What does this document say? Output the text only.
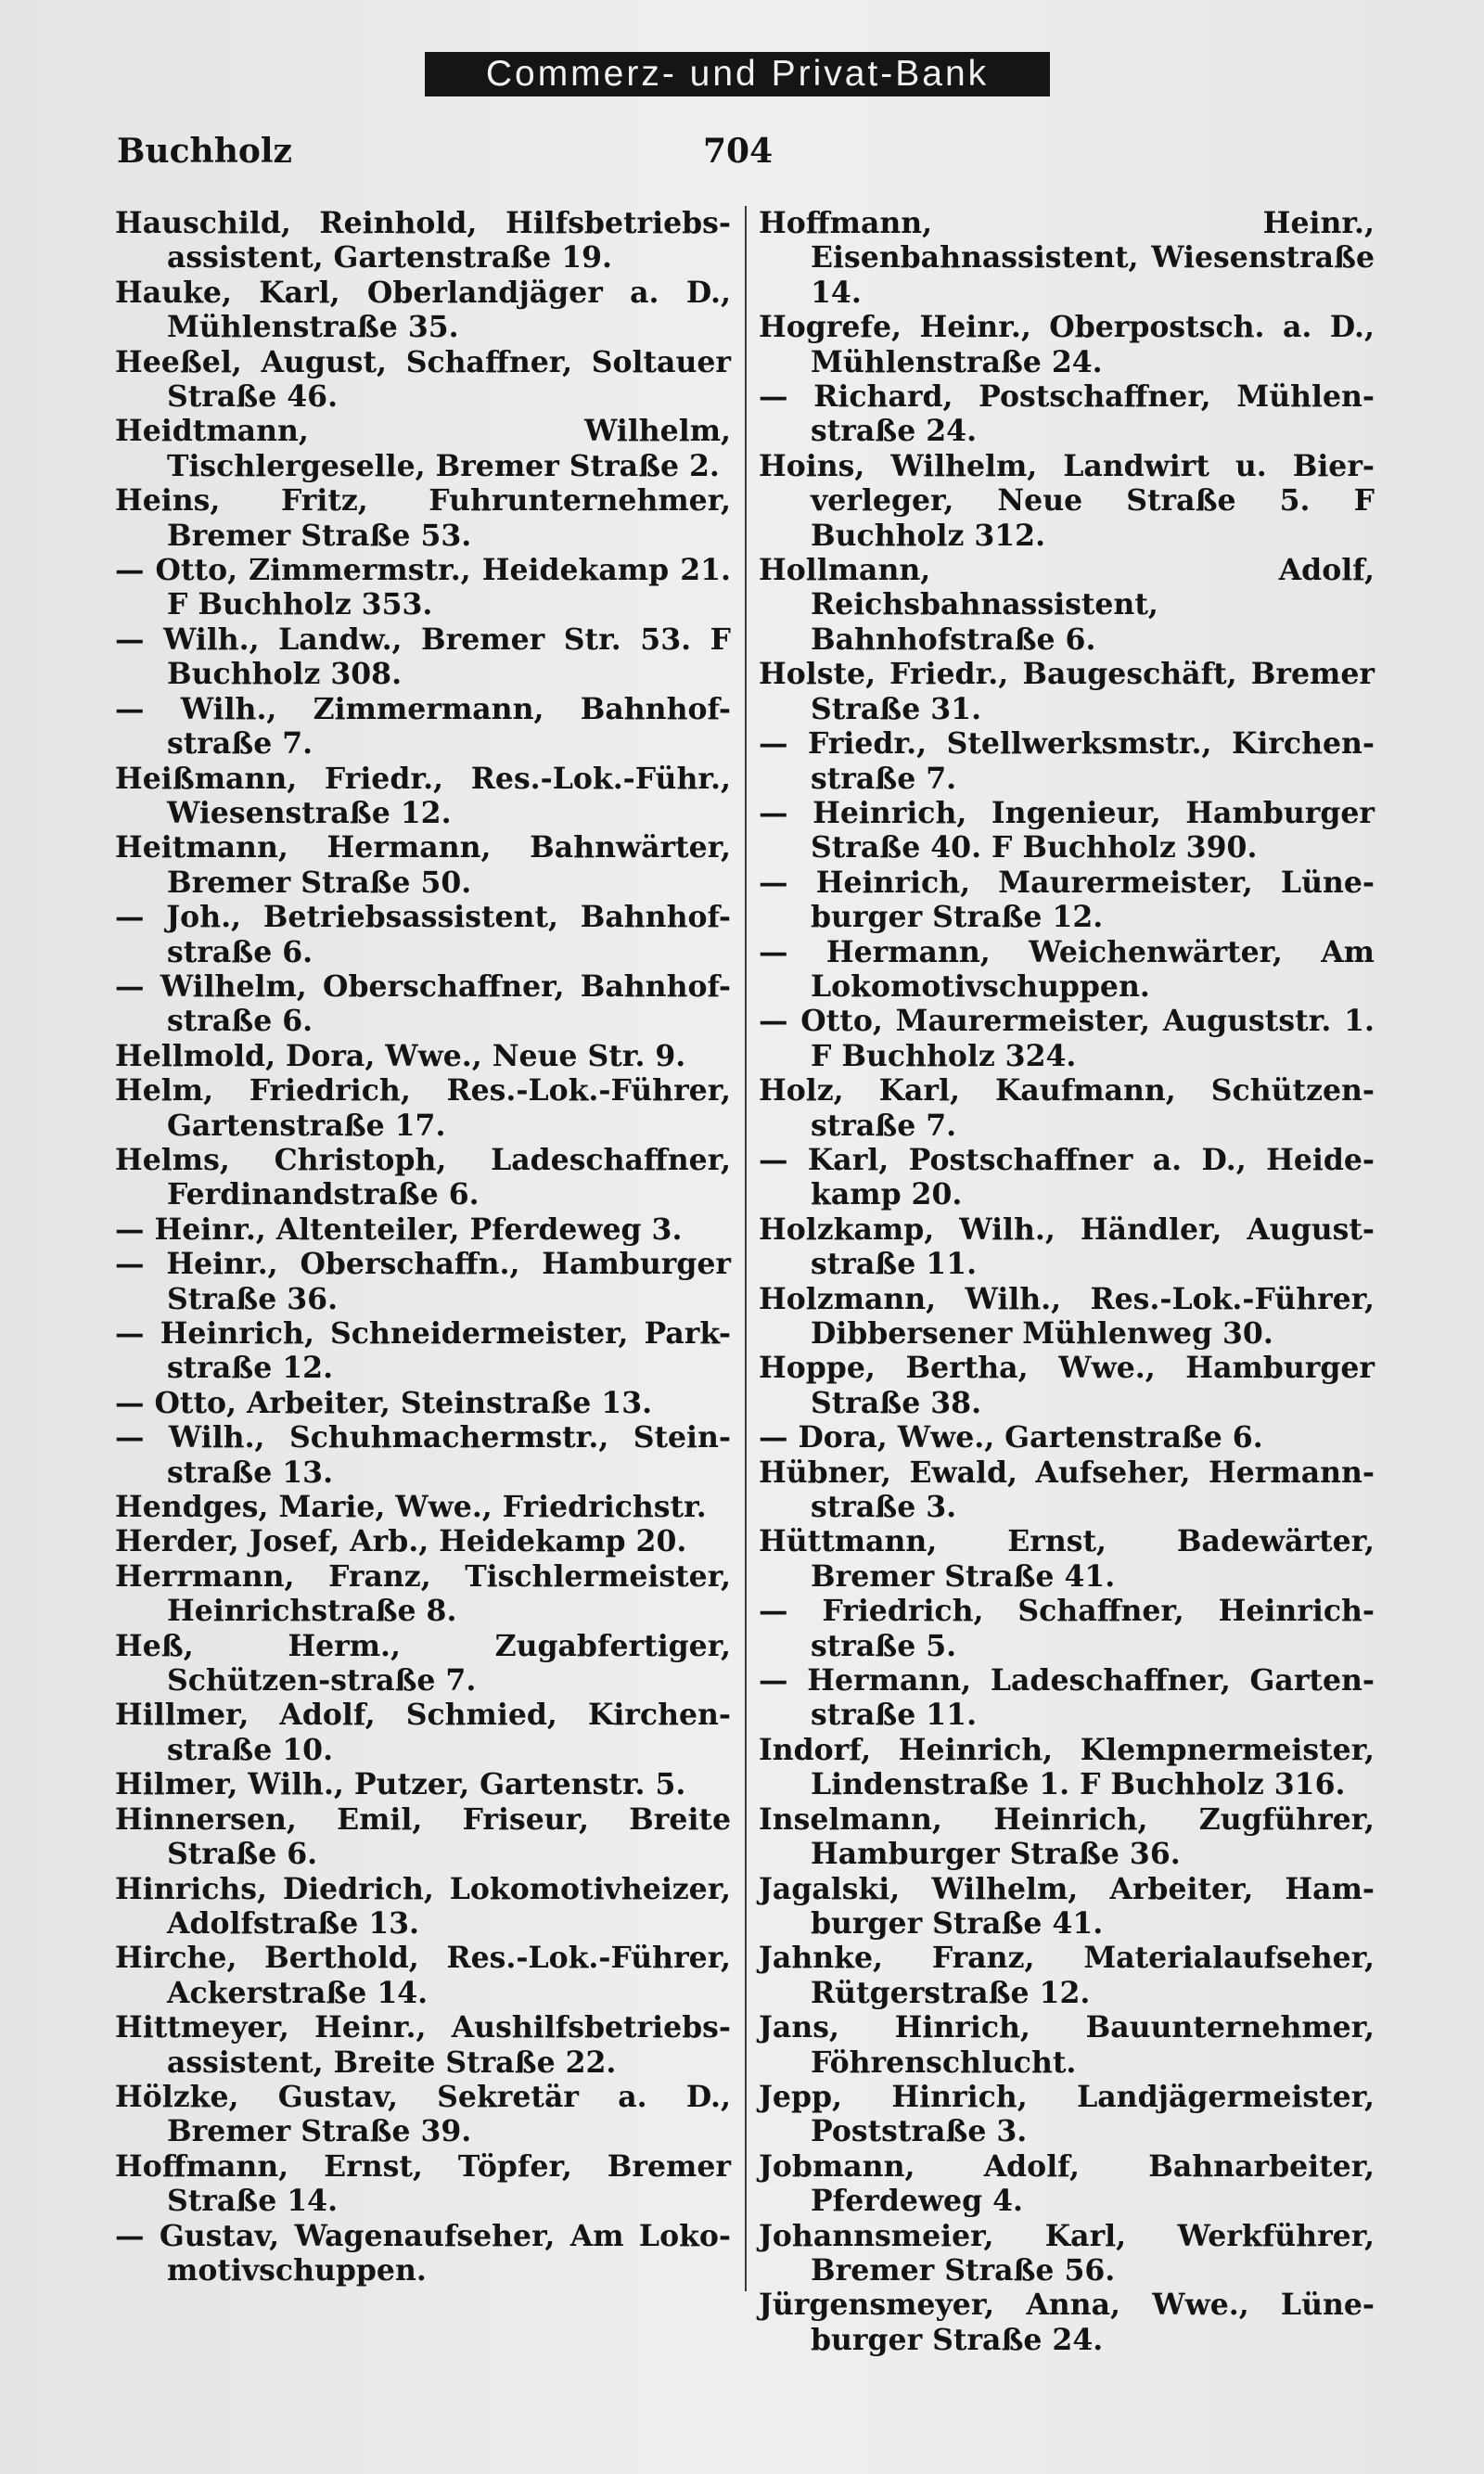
Commerz- und Privat-Bank
Buchholz	704
Hauschild, Reinhold, Hilfsbetriebs-assistent, Gartenstraße 19.
Hauke, Karl, Oberlandjäger a. D., Mühlenstraße 35.
Heeßel, August, Schaffner, Soltauer Straße 46.
Heidtmann, Wilhelm, Tischlergeselle, Bremer Straße 2.
Heins, Fritz, Fuhrunternehmer, Bremer Straße 53.
— Otto, Zimmermstr., Heidekamp 21. F Buchholz 353.
— Wilh., Landw., Bremer Str. 53. F Buchholz 308.
— Wilh., Zimmermann, Bahnhof-straße 7.
Heißmann, Friedr., Res.-Lok.-Führ., Wiesenstraße 12.
Heitmann, Hermann, Bahnwärter, Bremer Straße 50.
— Joh., Betriebsassistent, Bahnhof-straße 6.
— Wilhelm, Oberschaffner, Bahnhof-straße 6.
Hellmold, Dora, Wwe., Neue Str. 9.
Helm, Friedrich, Res.-Lok.-Führer, Gartenstraße 17.
Helms, Christoph, Ladeschaffner, Ferdinandstraße 6.
— Heinr., Altenteiler, Pferdeweg 3.
— Heinr., Oberschaffn., Hamburger Straße 36.
— Heinrich, Schneidermeister, Park-straße 12.
— Otto, Arbeiter, Steinstraße 13.
— Wilh., Schuhmachermstr., Stein-straße 13.
Hendges, Marie, Wwe., Friedrichstr.
Herder, Josef, Arb., Heidekamp 20.
Herrmann, Franz, Tischlermeister, Heinrichstraße 8.
Heß, Herm., Zugabfertiger, Schützen-straße 7.
Hillmer, Adolf, Schmied, Kirchen-straße 10.
Hilmer, Wilh., Putzer, Gartenstr. 5.
Hinnersen, Emil, Friseur, Breite Straße 6.
Hinrichs, Diedrich, Lokomotivheizer, Adolfstraße 13.
Hirche, Berthold, Res.-Lok.-Führer, Ackerstraße 14.
Hittmeyer, Heinr., Aushilfsbetriebs-assistent, Breite Straße 22.
Hölzke, Gustav, Sekretär a. D., Bremer Straße 39.
Hoffmann, Ernst, Töpfer, Bremer Straße 14.
— Gustav, Wagenaufseher, Am Loko-motivschuppen.
Hoffmann, Heinr., Eisenbahnassistent, Wiesenstraße 14.
Hogrefe, Heinr., Oberpostsch. a. D., Mühlenstraße 24.
— Richard, Postschaffner, Mühlen-straße 24.
Hoins, Wilhelm, Landwirt u. Bier-verleger, Neue Straße 5. F Buchholz 312.
Hollmann, Adolf, Reichsbahnassistent, Bahnhofstraße 6.
Holste, Friedr., Baugeschäft, Bremer Straße 31.
— Friedr., Stellwerksmstr., Kirchen-straße 7.
— Heinrich, Ingenieur, Hamburger Straße 40. F Buchholz 390.
— Heinrich, Maurermeister, Lüne-burger Straße 12.
— Hermann, Weichenwärter, Am Lokomotivschuppen.
— Otto, Maurermeister, Auguststr. 1. F Buchholz 324.
Holz, Karl, Kaufmann, Schützen-straße 7.
— Karl, Postschaffner a. D., Heide-kamp 20.
Holzkamp, Wilh., Händler, August-straße 11.
Holzmann, Wilh., Res.-Lok.-Führer, Dibbersener Mühlenweg 30.
Hoppe, Bertha, Wwe., Hamburger Straße 38.
— Dora, Wwe., Gartenstraße 6.
Hübner, Ewald, Aufseher, Hermann-straße 3.
Hüttmann, Ernst, Badewärter, Bremer Straße 41.
— Friedrich, Schaffner, Heinrich-straße 5.
— Hermann, Ladeschaffner, Garten-straße 11.
Indorf, Heinrich, Klempnermeister, Lindenstraße 1. F Buchholz 316.
Inselmann, Heinrich, Zugführer, Hamburger Straße 36.
Jagalski, Wilhelm, Arbeiter, Ham-burger Straße 41.
Jahnke, Franz, Materialaufseher, Rütgerstraße 12.
Jans, Hinrich, Bauunternehmer, Föhrenschlucht.
Jepp, Hinrich, Landjägermeister, Poststraße 3.
Jobmann, Adolf, Bahnarbeiter, Pferdeweg 4.
Johannsmeier, Karl, Werkführer, Bremer Straße 56.
Jürgensmeyer, Anna, Wwe., Lüne-burger Straße 24.
